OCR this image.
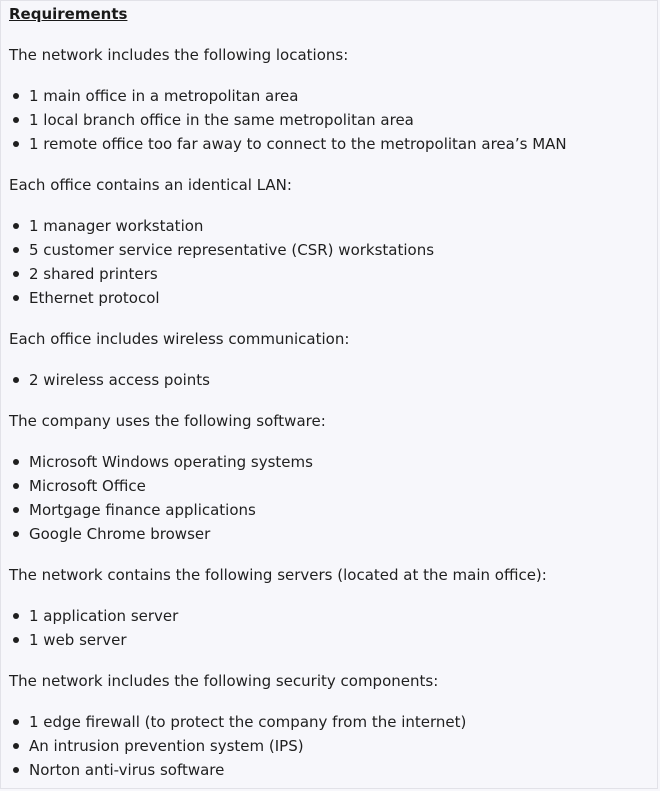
Requirements

The network includes the following locations:

1 main office in a metropolitan area
1 local branch office in the same metropolitan area
1 remote office too far away to connect to the metropolitan area’s MAN

Each office contains an identical LAN:

1 manager workstation
5 customer service representative (CSR) workstations
2 shared printers
Ethernet protocol

Each office includes wireless communication:

2 wireless access points

The company uses the following software:

Microsoft Windows operating systems
Microsoft Office
Mortgage finance applications
Google Chrome browser

The network contains the following servers (located at the main office):

1 application server
1 web server

The network includes the following security components:

1 edge firewall (to protect the company from the internet)
An intrusion prevention system (IPS)
Norton anti-virus software
